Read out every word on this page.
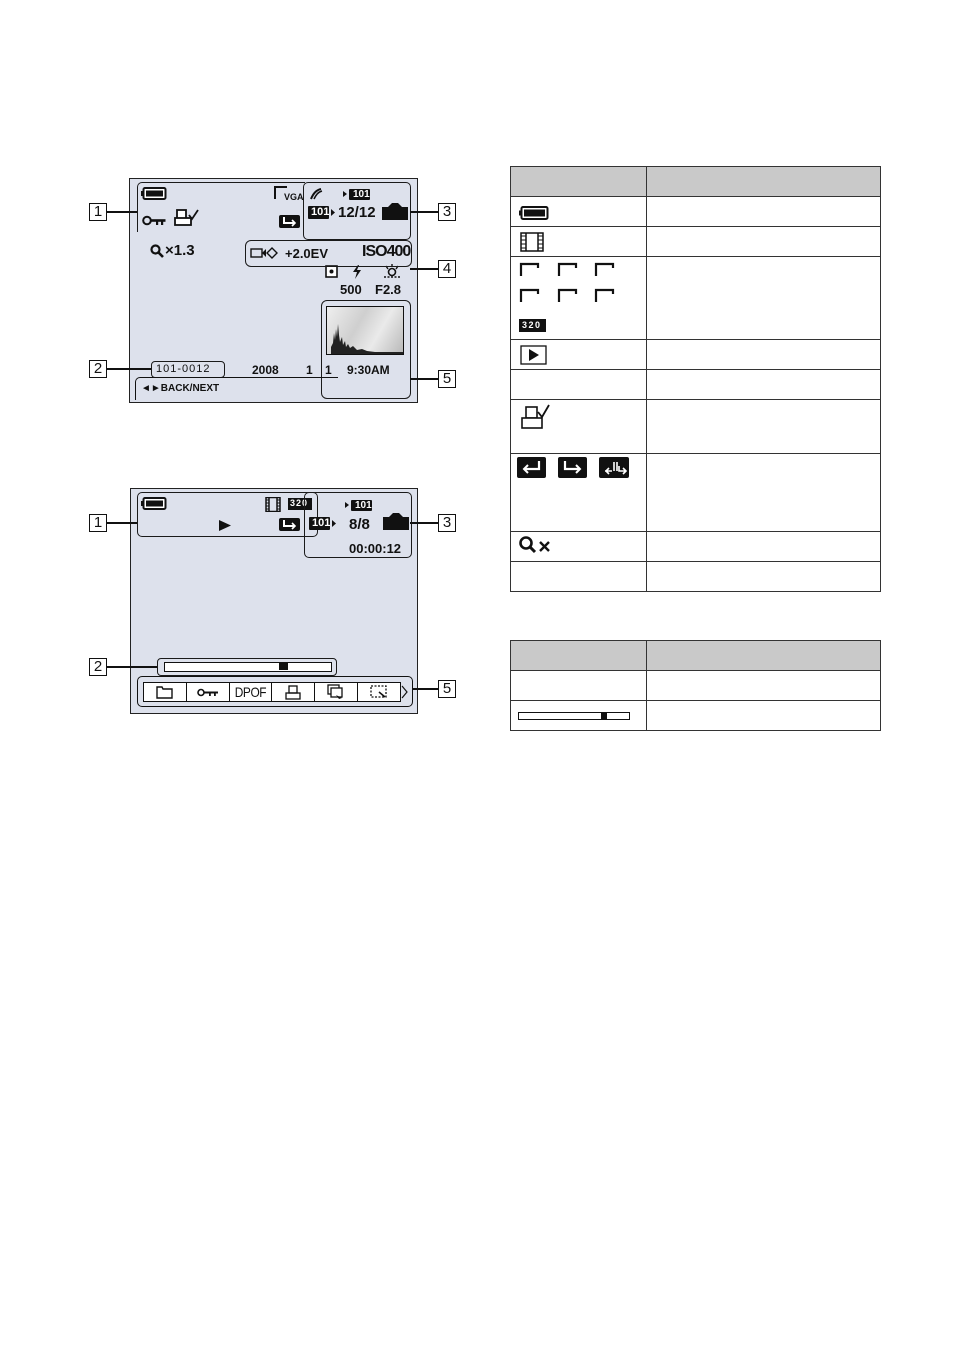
VGA
×1.3
101
101 12/12
+2.0EV ISO400
500 F2.8
101-0012	2008 1 1 9:30AM
◄►BACK/NEXT
1
2
3
4
5
320	101
101 8/8
00:00:12
DPOF
1
2
3
5
320
